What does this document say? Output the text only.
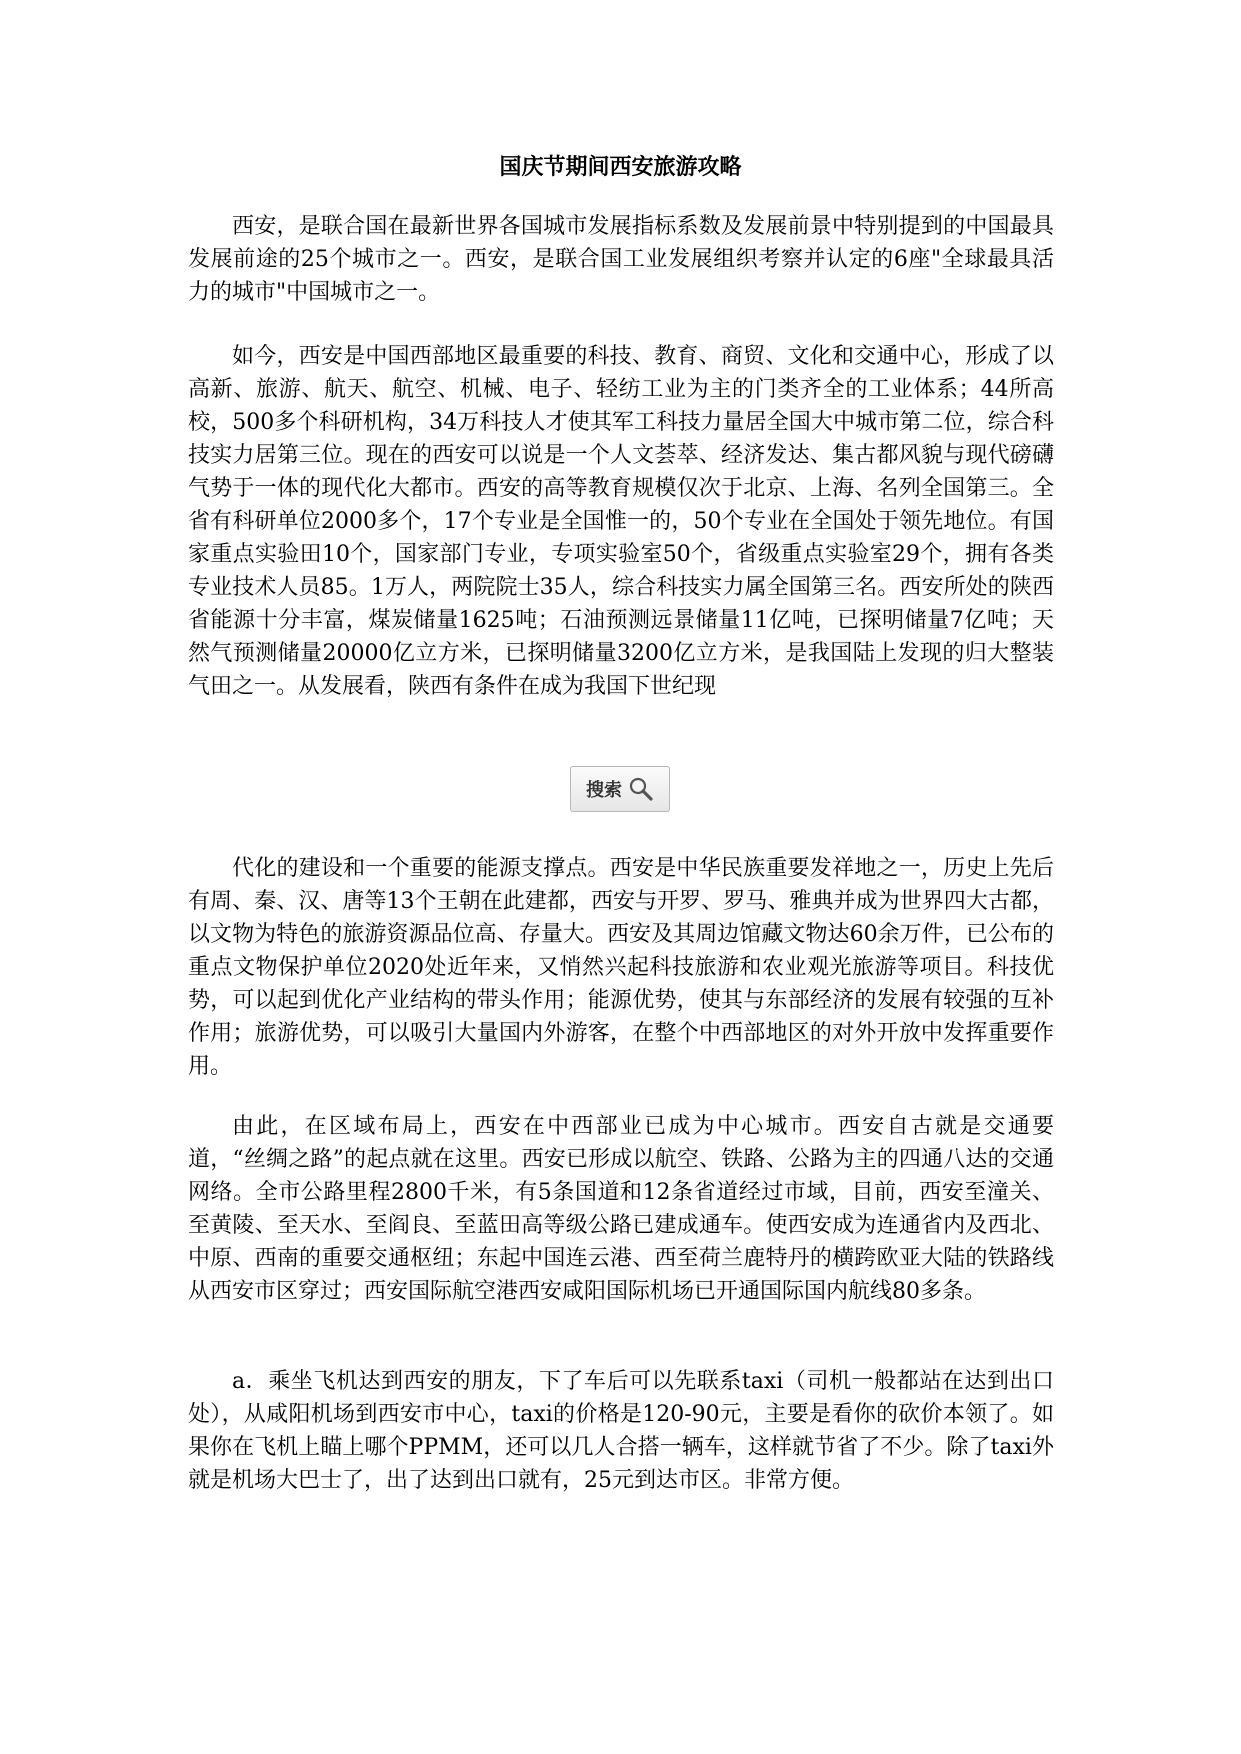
国庆节期间西安旅游攻略

西安，是联合国在最新世界各国城市发展指标系数及发展前景中特别提到的中国最具发展前途的25个城市之一。西安，是联合国工业发展组织考察并认定的6座"全球最具活力的城市"中国城市之一。

如今，西安是中国西部地区最重要的科技、教育、商贸、文化和交通中心，形成了以高新、旅游、航天、航空、机械、电子、轻纺工业为主的门类齐全的工业体系；44所高校，500多个科研机构，34万科技人才使其军工科技力量居全国大中城市第二位，综合科技实力居第三位。现在的西安可以说是一个人文荟萃、经济发达、集古都风貌与现代磅礴气势于一体的现代化大都市。西安的高等教育规模仅次于北京、上海、名列全国第三。全省有科研单位2000多个，17个专业是全国惟一的，50个专业在全国处于领先地位。有国家重点实验田10个，国家部门专业，专项实验室50个，省级重点实验室29个，拥有各类专业技术人员85。1万人，两院院士35人，综合科技实力属全国第三名。西安所处的陕西省能源十分丰富，煤炭储量1625吨；石油预测远景储量11亿吨，已探明储量7亿吨；天然气预测储量20000亿立方米，已探明储量3200亿立方米，是我国陆上发现的归大整装气田之一。从发展看，陕西有条件在成为我国下世纪现

搜索

代化的建设和一个重要的能源支撑点。西安是中华民族重要发祥地之一，历史上先后有周、秦、汉、唐等13个王朝在此建都，西安与开罗、罗马、雅典并成为世界四大古都，以文物为特色的旅游资源品位高、存量大。西安及其周边馆藏文物达60余万件，已公布的重点文物保护单位2020处近年来，又悄然兴起科技旅游和农业观光旅游等项目。科技优势，可以起到优化产业结构的带头作用；能源优势，使其与东部经济的发展有较强的互补作用；旅游优势，可以吸引大量国内外游客，在整个中西部地区的对外开放中发挥重要作用。

由此，在区域布局上，西安在中西部业已成为中心城市。西安自古就是交通要道，“丝绸之路”的起点就在这里。西安已形成以航空、铁路、公路为主的四通八达的交通网络。全市公路里程2800千米，有5条国道和12条省道经过市域，目前，西安至潼关、至黄陵、至天水、至阎良、至蓝田高等级公路已建成通车。使西安成为连通省内及西北、中原、西南的重要交通枢纽；东起中国连云港、西至荷兰鹿特丹的横跨欧亚大陆的铁路线从西安市区穿过；西安国际航空港西安咸阳国际机场已开通国际国内航线80多条。

a．乘坐飞机达到西安的朋友，下了车后可以先联系taxi（司机一般都站在达到出口处），从咸阳机场到西安市中心，taxi的价格是120-90元，主要是看你的砍价本领了。如果你在飞机上瞄上哪个PPMM，还可以几人合搭一辆车，这样就节省了不少。除了taxi外就是机场大巴士了，出了达到出口就有，25元到达市区。非常方便。
